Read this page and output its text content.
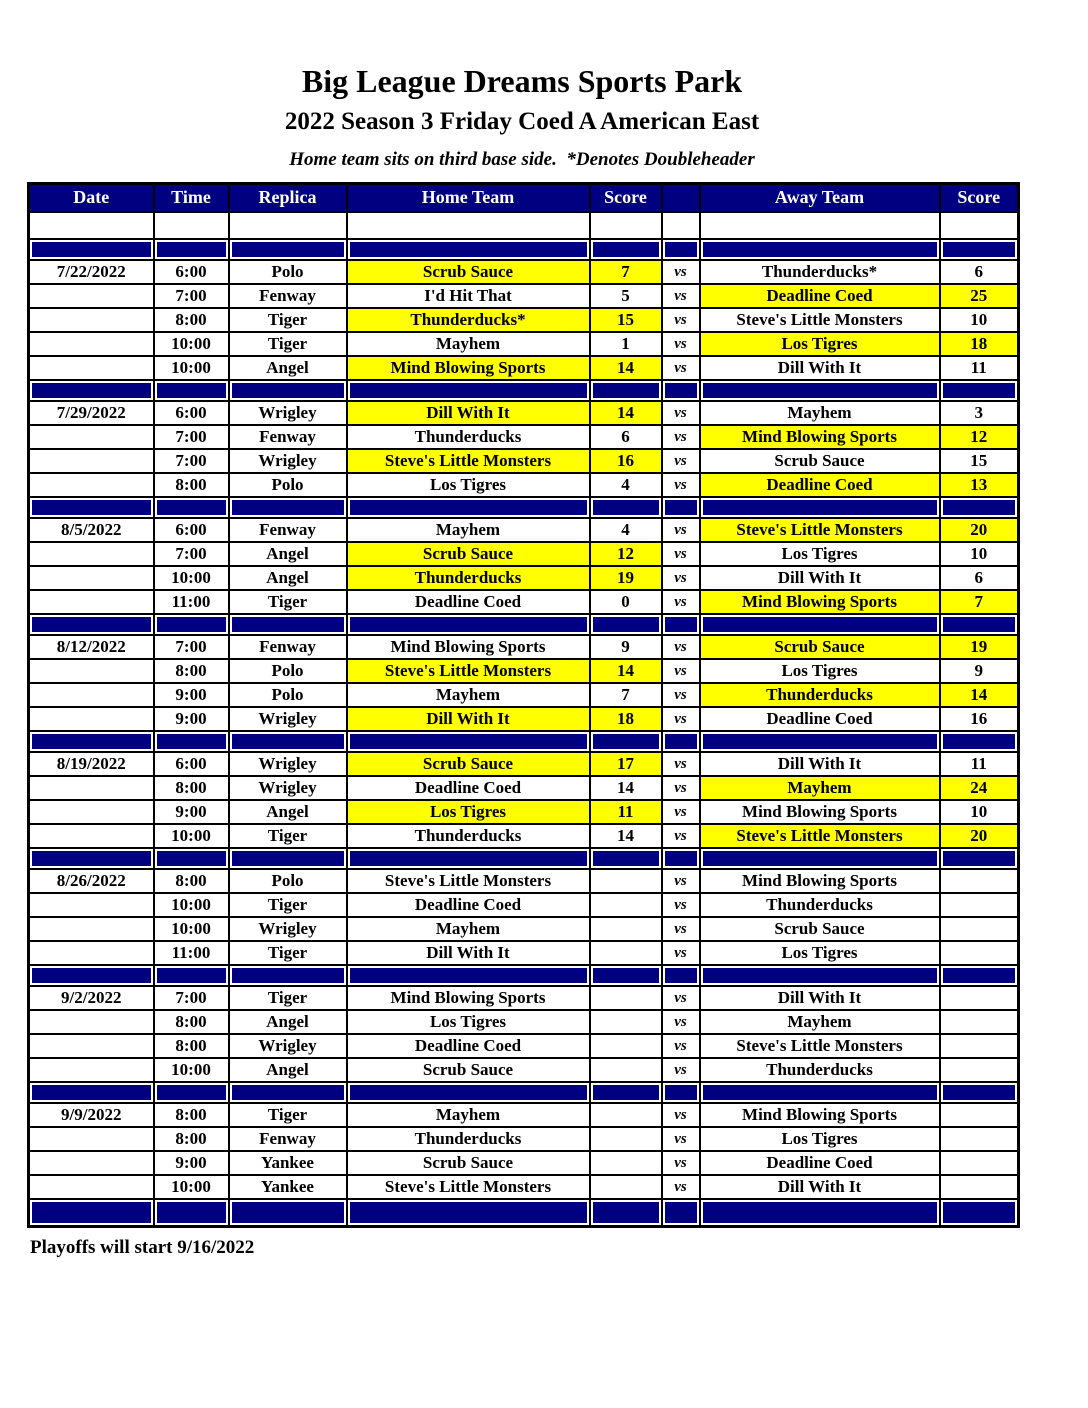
Big League Dreams Sports Park
2022 Season 3 Friday Coed A American East
Home team sits on third base side.  *Denotes Doubleheader
Date	Time	Replica	Home Team	Score		Away Team	Score

7/22/2022	6:00	Polo	Scrub Sauce	7	vs	Thunderducks*	6
	7:00	Fenway	I'd Hit That	5	vs	Deadline Coed	25
	8:00	Tiger	Thunderducks*	15	vs	Steve's Little Monsters	10
	10:00	Tiger	Mayhem	1	vs	Los Tigres	18
	10:00	Angel	Mind Blowing Sports	14	vs	Dill With It	11

7/29/2022	6:00	Wrigley	Dill With It	14	vs	Mayhem	3
	7:00	Fenway	Thunderducks	6	vs	Mind Blowing Sports	12
	7:00	Wrigley	Steve's Little Monsters	16	vs	Scrub Sauce	15
	8:00	Polo	Los Tigres	4	vs	Deadline Coed	13

8/5/2022	6:00	Fenway	Mayhem	4	vs	Steve's Little Monsters	20
	7:00	Angel	Scrub Sauce	12	vs	Los Tigres	10
	10:00	Angel	Thunderducks	19	vs	Dill With It	6
	11:00	Tiger	Deadline Coed	0	vs	Mind Blowing Sports	7

8/12/2022	7:00	Fenway	Mind Blowing Sports	9	vs	Scrub Sauce	19
	8:00	Polo	Steve's Little Monsters	14	vs	Los Tigres	9
	9:00	Polo	Mayhem	7	vs	Thunderducks	14
	9:00	Wrigley	Dill With It	18	vs	Deadline Coed	16

8/19/2022	6:00	Wrigley	Scrub Sauce	17	vs	Dill With It	11
	8:00	Wrigley	Deadline Coed	14	vs	Mayhem	24
	9:00	Angel	Los Tigres	11	vs	Mind Blowing Sports	10
	10:00	Tiger	Thunderducks	14	vs	Steve's Little Monsters	20

8/26/2022	8:00	Polo	Steve's Little Monsters		vs	Mind Blowing Sports	
	10:00	Tiger	Deadline Coed		vs	Thunderducks	
	10:00	Wrigley	Mayhem		vs	Scrub Sauce	
	11:00	Tiger	Dill With It		vs	Los Tigres	

9/2/2022	7:00	Tiger	Mind Blowing Sports		vs	Dill With It	
	8:00	Angel	Los Tigres		vs	Mayhem	
	8:00	Wrigley	Deadline Coed		vs	Steve's Little Monsters	
	10:00	Angel	Scrub Sauce		vs	Thunderducks	

9/9/2022	8:00	Tiger	Mayhem		vs	Mind Blowing Sports	
	8:00	Fenway	Thunderducks		vs	Los Tigres	
	9:00	Yankee	Scrub Sauce		vs	Deadline Coed	
	10:00	Yankee	Steve's Little Monsters		vs	Dill With It	

Playoffs will start 9/16/2022
